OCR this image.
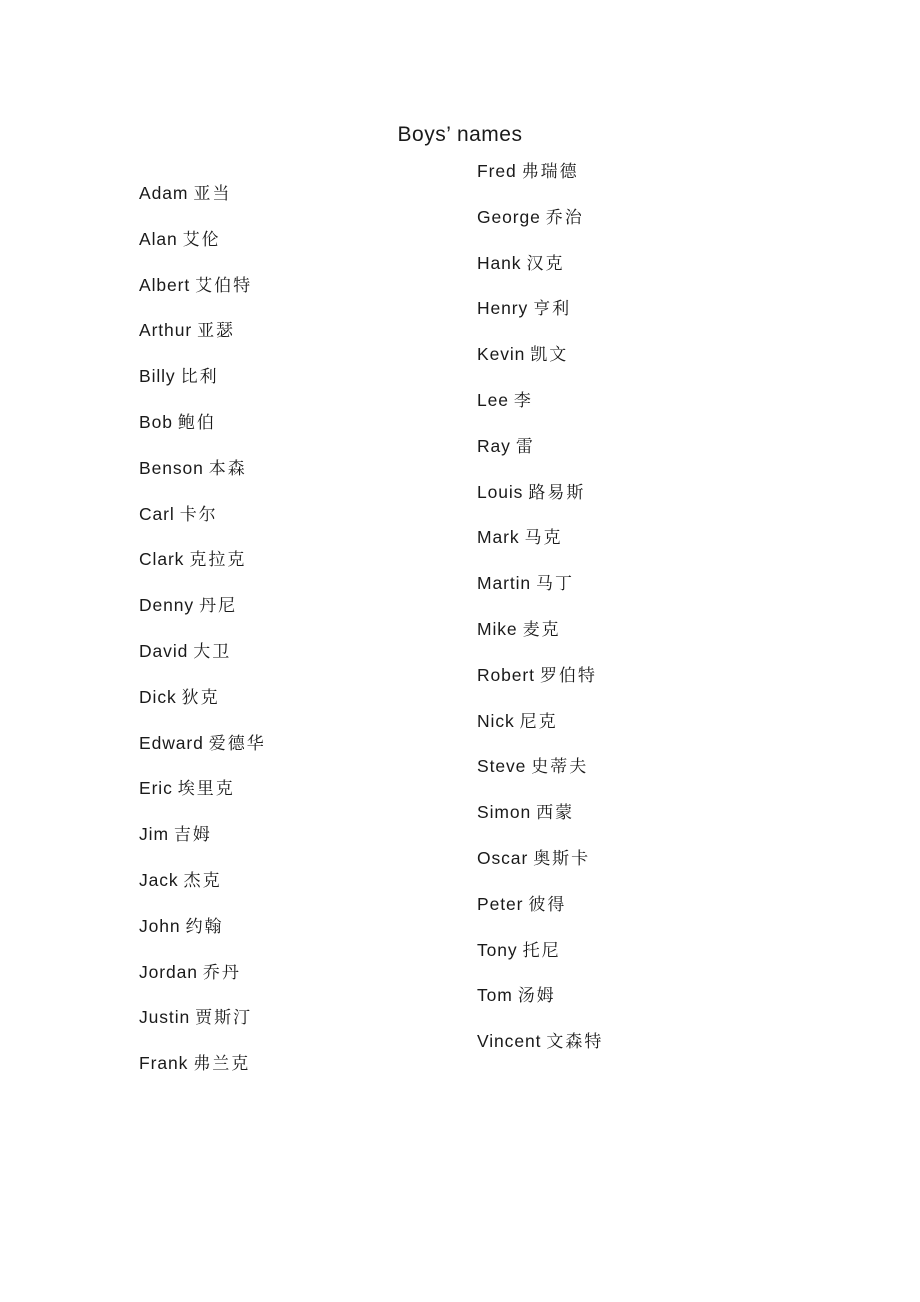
Boys’ names
Adam 亚当
Alan 艾伦
Albert 艾伯特
Arthur 亚瑟
Billy 比利
Bob 鲍伯
Benson 本森
Carl 卡尔
Clark 克拉克
Denny 丹尼
David 大卫
Dick 狄克
Edward 爱德华
Eric 埃里克
Jim 吉姆
Jack 杰克
John 约翰
Jordan 乔丹
Justin 贾斯汀
Frank 弗兰克
Fred 弗瑞德
George 乔治
Hank 汉克
Henry 亨利
Kevin 凯文
Lee 李
Ray 雷
Louis 路易斯
Mark 马克
Martin 马丁
Mike 麦克
Robert 罗伯特
Nick 尼克
Steve 史蒂夫
Simon 西蒙
Oscar 奥斯卡
Peter 彼得
Tony 托尼
Tom 汤姆
Vincent 文森特
